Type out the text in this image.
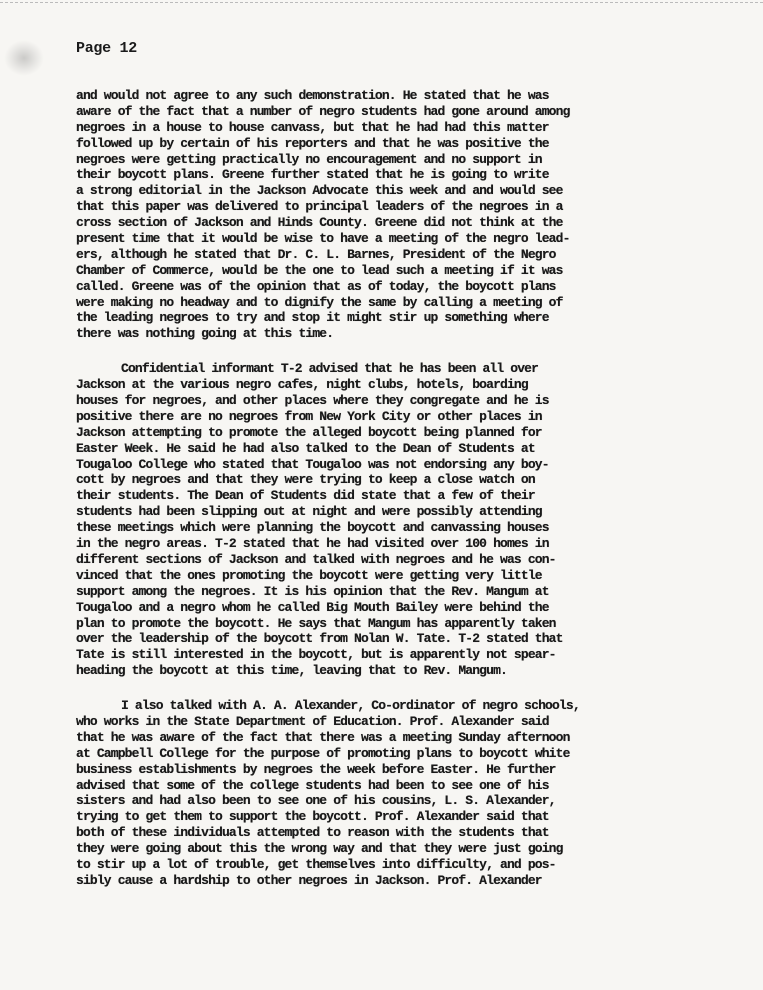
Page 12
and would not agree to any such demonstration. He stated that he was
aware of the fact that a number of negro students had gone around among
negroes in a house to house canvass, but that he had had this matter
followed up by certain of his reporters and that he was positive the
negroes were getting practically no encouragement and no support in
their boycott plans. Greene further stated that he is going to write
a strong editorial in the Jackson Advocate this week and and would see
that this paper was delivered to principal leaders of the negroes in a
cross section of Jackson and Hinds County. Greene did not think at the
present time that it would be wise to have a meeting of the negro lead-
ers, although he stated that Dr. C. L. Barnes, President of the Negro
Chamber of Commerce, would be the one to lead such a meeting if it was
called. Greene was of the opinion that as of today, the boycott plans
were making no headway and to dignify the same by calling a meeting of
the leading negroes to try and stop it might stir up something where
there was nothing going at this time.
Confidential informant T-2 advised that he has been all over
Jackson at the various negro cafes, night clubs, hotels, boarding
houses for negroes, and other places where they congregate and he is
positive there are no negroes from New York City or other places in
Jackson attempting to promote the alleged boycott being planned for
Easter Week. He said he had also talked to the Dean of Students at
Tougaloo College who stated that Tougaloo was not endorsing any boy-
cott by negroes and that they were trying to keep a close watch on
their students. The Dean of Students did state that a few of their
students had been slipping out at night and were possibly attending
these meetings which were planning the boycott and canvassing houses
in the negro areas. T-2 stated that he had visited over 100 homes in
different sections of Jackson and talked with negroes and he was con-
vinced that the ones promoting the boycott were getting very little
support among the negroes. It is his opinion that the Rev. Mangum at
Tougaloo and a negro whom he called Big Mouth Bailey were behind the
plan to promote the boycott. He says that Mangum has apparently taken
over the leadership of the boycott from Nolan W. Tate. T-2 stated that
Tate is still interested in the boycott, but is apparently not spear-
heading the boycott at this time, leaving that to Rev. Mangum.
I also talked with A. A. Alexander, Co-ordinator of negro schools,
who works in the State Department of Education. Prof. Alexander said
that he was aware of the fact that there was a meeting Sunday afternoon
at Campbell College for the purpose of promoting plans to boycott white
business establishments by negroes the week before Easter. He further
advised that some of the college students had been to see one of his
sisters and had also been to see one of his cousins, L. S. Alexander,
trying to get them to support the boycott. Prof. Alexander said that
both of these individuals attempted to reason with the students that
they were going about this the wrong way and that they were just going
to stir up a lot of trouble, get themselves into difficulty, and pos-
sibly cause a hardship to other negroes in Jackson. Prof. Alexander
